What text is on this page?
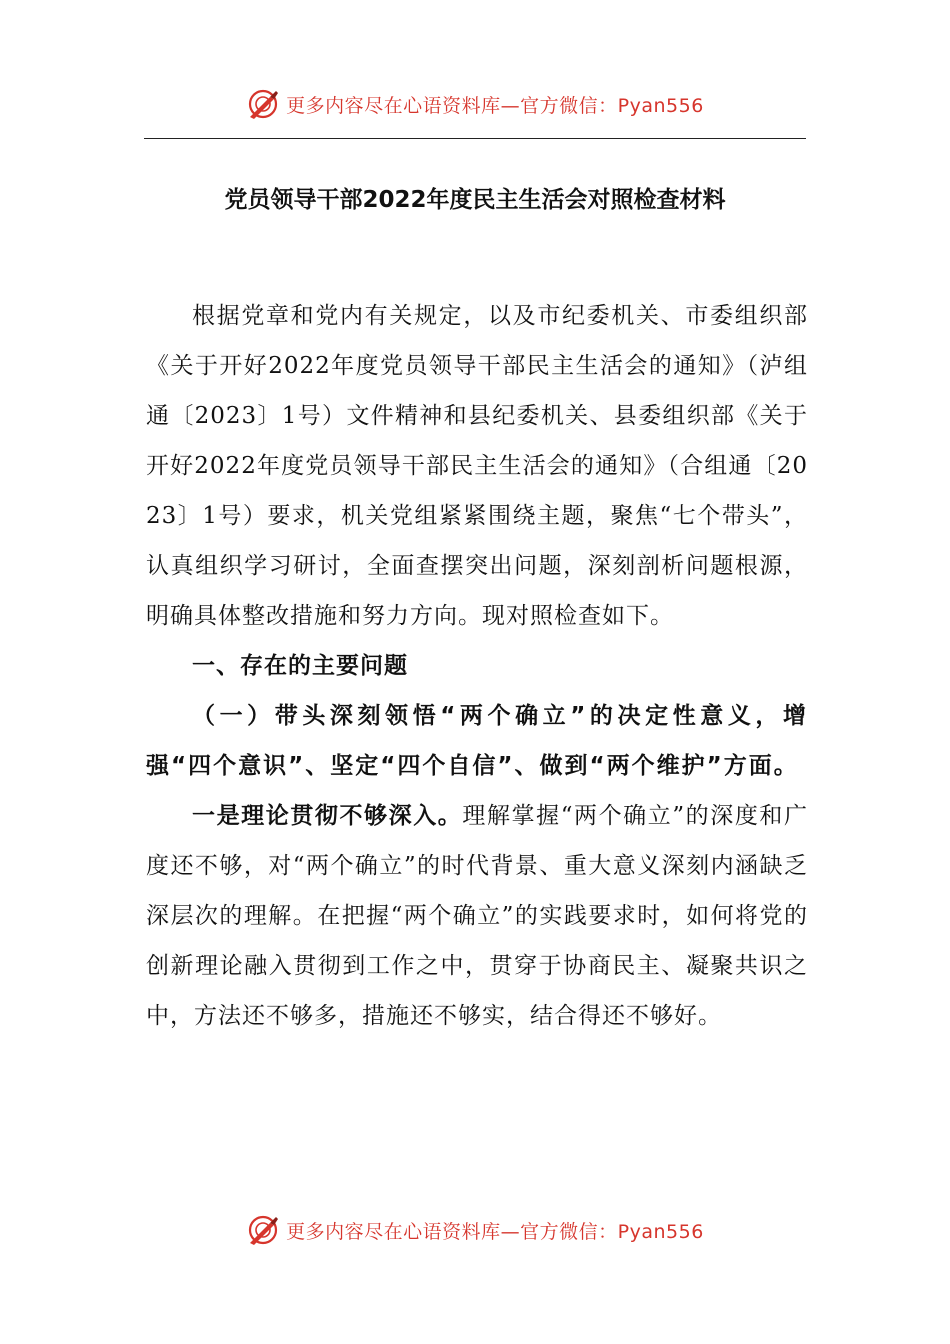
更多内容尽在心语资料库—官方微信：Pyan556
党员领导干部2022年度民主生活会对照检查材料

根据党章和党内有关规定，以及市纪委机关、市委组织部《关于开好2022年度党员领导干部民主生活会的通知》（泸组通〔2023〕1号）文件精神和县纪委机关、县委组织部《关于开好2022年度党员领导干部民主生活会的通知》（合组通〔2023〕1号）要求，机关党组紧紧围绕主题，聚焦“七个带头”，认真组织学习研讨，全面查摆突出问题，深刻剖析问题根源，明确具体整改措施和努力方向。现对照检查如下。

一、存在的主要问题

（一）带头深刻领悟“两个确立”的决定性意义，增强“四个意识”、坚定“四个自信”、做到“两个维护”方面。

一是理论贯彻不够深入。理解掌握“两个确立”的深度和广度还不够，对“两个确立”的时代背景、重大意义深刻内涵缺乏深层次的理解。在把握“两个确立”的实践要求时，如何将党的创新理论融入贯彻到工作之中，贯穿于协商民主、凝聚共识之中，方法还不够多，措施还不够实，结合得还不够好。

更多内容尽在心语资料库—官方微信：Pyan556
